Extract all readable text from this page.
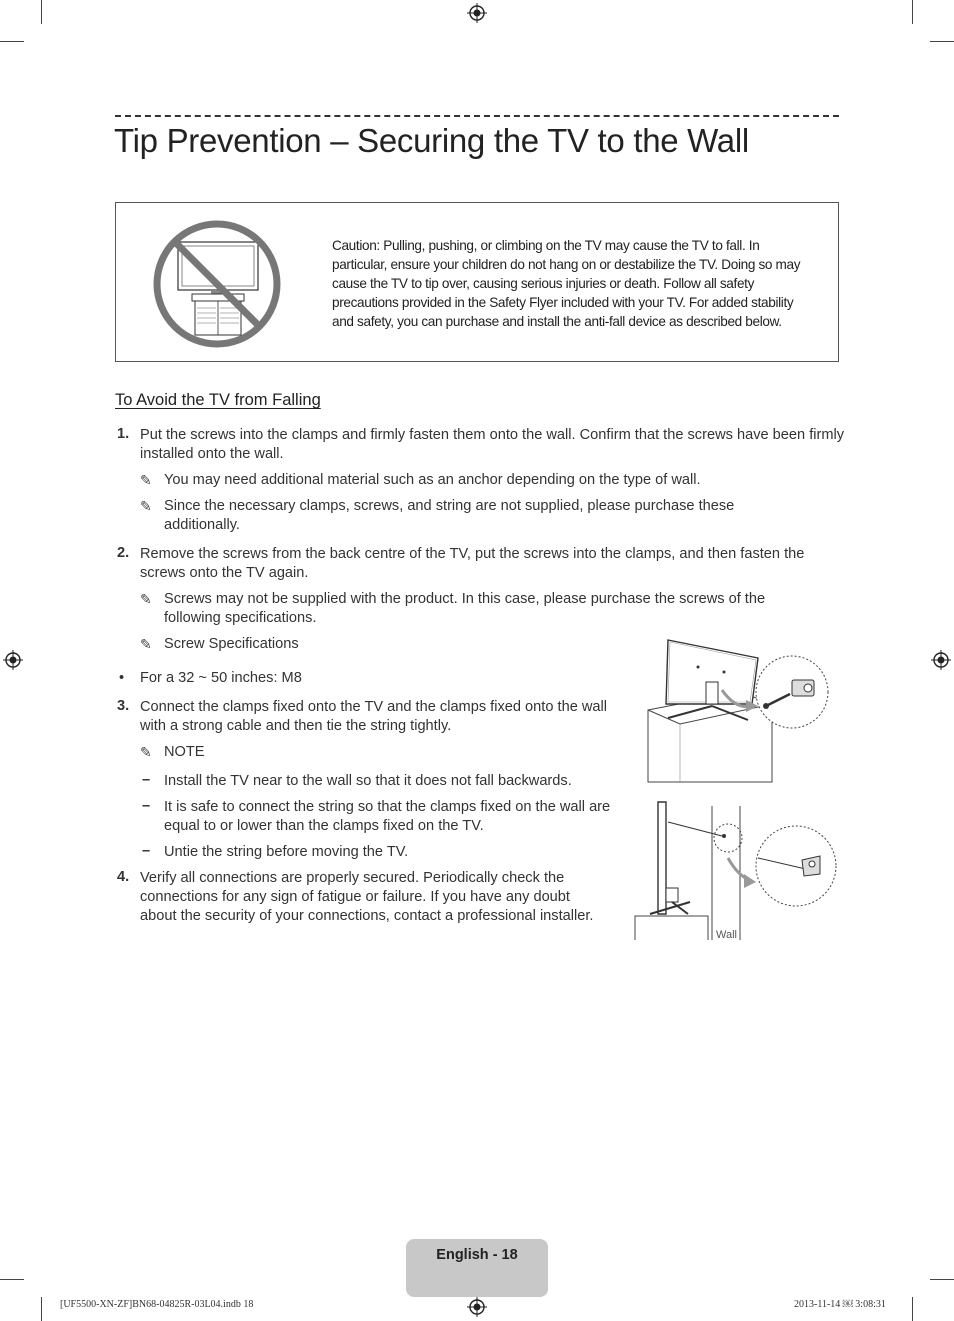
Tip Prevention – Securing the TV to the Wall
Caution: Pulling, pushing, or climbing on the TV may cause the TV to fall. In particular, ensure your children do not hang on or destabilize the TV. Doing so may cause the TV to tip over, causing serious injuries or death. Follow all safety precautions provided in the Safety Flyer included with your TV. For added stability and safety, you can purchase and install the anti-fall device as described below.
To Avoid the TV from Falling
1. Put the screws into the clamps and firmly fasten them onto the wall. Confirm that the screws have been firmly installed onto the wall.
✎ You may need additional material such as an anchor depending on the type of wall.
✎ Since the necessary clamps, screws, and string are not supplied, please purchase these additionally.
2. Remove the screws from the back centre of the TV, put the screws into the clamps, and then fasten the screws onto the TV again.
✎ Screws may not be supplied with the product. In this case, please purchase the screws of the following specifications.
✎ Screw Specifications
• For a 32 ~ 50 inches: M8
3. Connect the clamps fixed onto the TV and the clamps fixed onto the wall with a strong cable and then tie the string tightly.
✎ NOTE
– Install the TV near to the wall so that it does not fall backwards.
– It is safe to connect the string so that the clamps fixed on the wall are equal to or lower than the clamps fixed on the TV.
– Untie the string before moving the TV.
4. Verify all connections are properly secured. Periodically check the connections for any sign of fatigue or failure. If you have any doubt about the security of your connections, contact a professional installer.
Wall
English - 18
[UF5500-XN-ZF]BN68-04825R-03L04.indb 18	2013-11-14 ￼ 3:08:31
